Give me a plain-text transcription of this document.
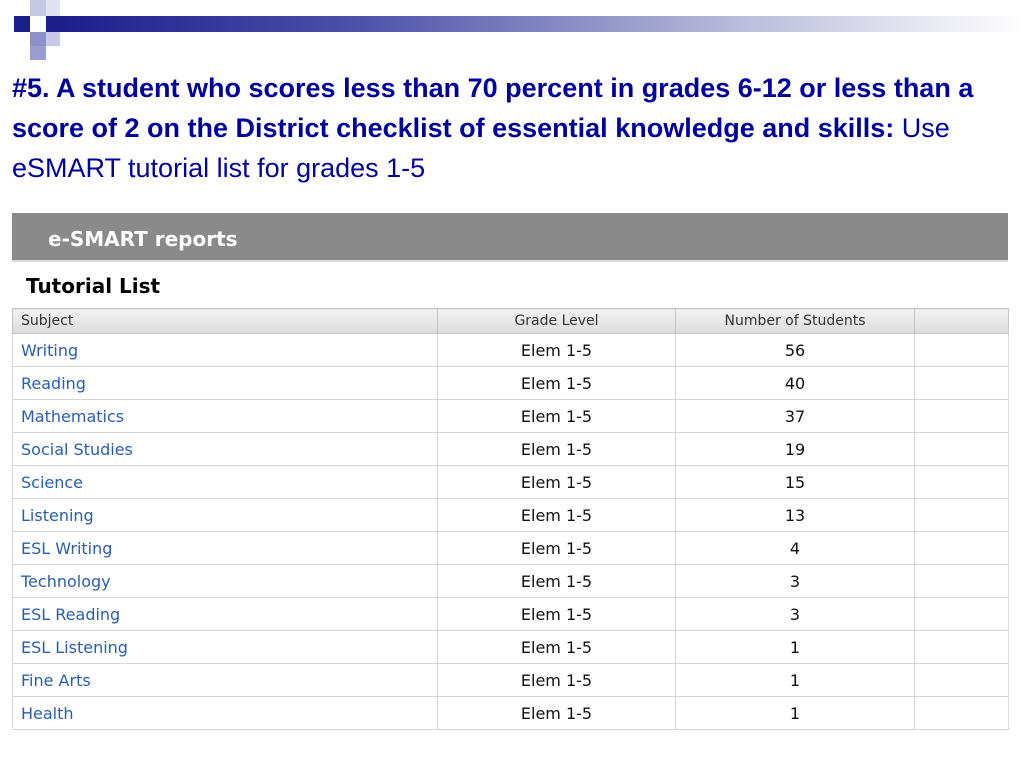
#5. A student who scores less than 70 percent in grades 6-12 or less than a score of 2 on the District checklist of essential knowledge and skills: Use eSMART tutorial list for grades 1-5
e-SMART reports
Tutorial List
Subject	Grade Level	Number of Students	
Writing	Elem 1-5	56	
Reading	Elem 1-5	40	
Mathematics	Elem 1-5	37	
Social Studies	Elem 1-5	19	
Science	Elem 1-5	15	
Listening	Elem 1-5	13	
ESL Writing	Elem 1-5	4	
Technology	Elem 1-5	3	
ESL Reading	Elem 1-5	3	
ESL Listening	Elem 1-5	1	
Fine Arts	Elem 1-5	1	
Health	Elem 1-5	1	
